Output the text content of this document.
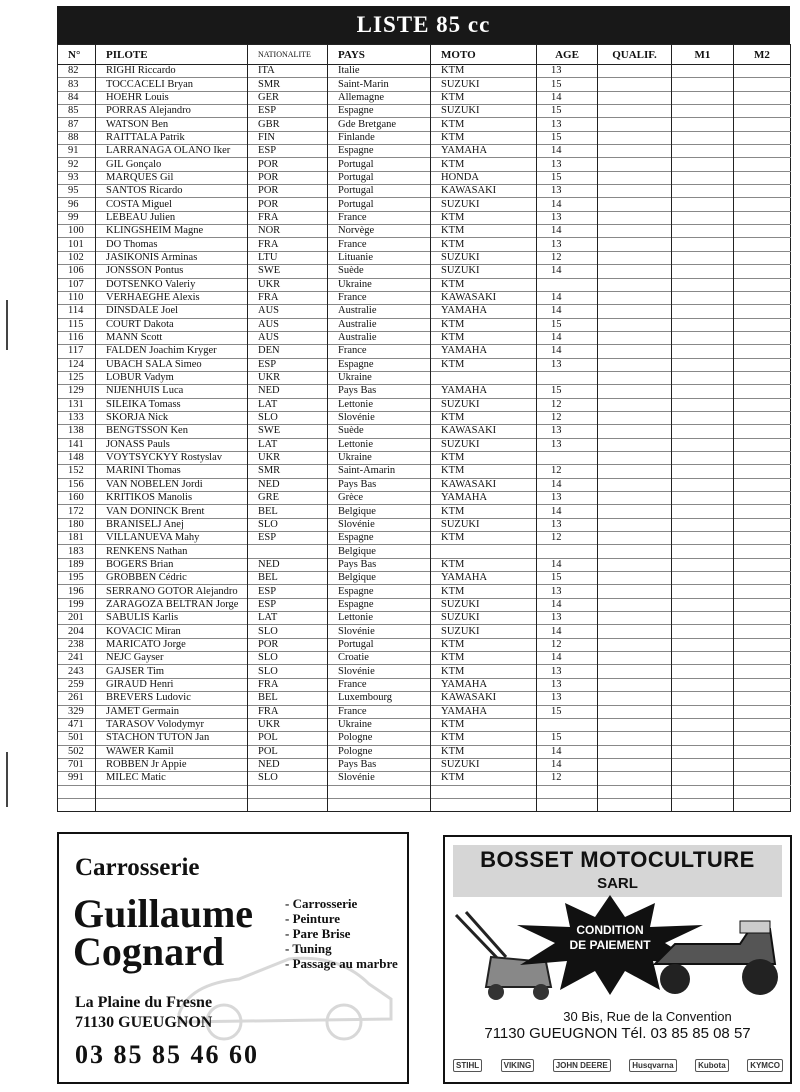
LISTE 85 cc
N°	PILOTE	NATIONALITE	PAYS	MOTO	AGE	QUALIF.	M1	M2
82	RIGHI Riccardo	ITA	Italie	KTM	13			
83	TOCCACELI Bryan	SMR	Saint-Marin	SUZUKI	15			
84	HOEHR Louis	GER	Allemagne	KTM	14			
85	PORRAS Alejandro	ESP	Espagne	SUZUKI	15			
87	WATSON Ben	GBR	Gde Bretgane	KTM	13			
88	RAITTALA Patrik	FIN	Finlande	KTM	15			
91	LARRANAGA OLANO Iker	ESP	Espagne	YAMAHA	14			
92	GIL Gonçalo	POR	Portugal	KTM	13			
93	MARQUES Gil	POR	Portugal	HONDA	15			
95	SANTOS Ricardo	POR	Portugal	KAWASAKI	13			
96	COSTA Miguel	POR	Portugal	SUZUKI	14			
99	LEBEAU Julien	FRA	France	KTM	13			
100	KLINGSHEIM Magne	NOR	Norvège	KTM	14			
101	DO Thomas	FRA	France	KTM	13			
102	JASIKONIS Arminas	LTU	Lituanie	SUZUKI	12			
106	JONSSON Pontus	SWE	Suède	SUZUKI	14			
107	DOTSENKO Valeriy	UKR	Ukraine	KTM				
110	VERHAEGHE Alexis	FRA	France	KAWASAKI	14			
114	DINSDALE Joel	AUS	Australie	YAMAHA	14			
115	COURT Dakota	AUS	Australie	KTM	15			
116	MANN Scott	AUS	Australie	KTM	14			
117	FALDEN Joachim Kryger	DEN	France	YAMAHA	14			
124	UBACH SALA Simeo	ESP	Espagne	KTM	13			
125	LOBUR Vadym	UKR	Ukraine					
129	NIJENHUIS Luca	NED	Pays Bas	YAMAHA	15			
131	SILEIKA Tomass	LAT	Lettonie	SUZUKI	12			
133	SKORJA Nick	SLO	Slovénie	KTM	12			
138	BENGTSSON Ken	SWE	Suède	KAWASAKI	13			
141	JONASS Pauls	LAT	Lettonie	SUZUKI	13			
148	VOYTSYCKYY Rostyslav	UKR	Ukraine	KTM				
152	MARINI Thomas	SMR	Saint-Amarin	KTM	12			
156	VAN NOBELEN Jordi	NED	Pays Bas	KAWASAKI	14			
160	KRITIKOS Manolis	GRE	Grèce	YAMAHA	13			
172	VAN DONINCK Brent	BEL	Belgique	KTM	14			
180	BRANISELJ Anej	SLO	Slovénie	SUZUKI	13			
181	VILLANUEVA Mahy	ESP	Espagne	KTM	12			
183	RENKENS Nathan		Belgique					
189	BOGERS Brian	NED	Pays Bas	KTM	14			
195	GROBBEN Cédric	BEL	Belgique	YAMAHA	15			
196	SERRANO GOTOR Alejandro	ESP	Espagne	KTM	13			
199	ZARAGOZA BELTRAN Jorge	ESP	Espagne	SUZUKI	14			
201	SABULIS Karlis	LAT	Lettonie	SUZUKI	13			
204	KOVACIC Miran	SLO	Slovénie	SUZUKI	14			
238	MARICATO Jorge	POR	Portugal	KTM	12			
241	NEJC Gayser	SLO	Croatie	KTM	14			
243	GAJSER Tim	SLO	Slovénie	KTM	13			
259	GIRAUD Henri	FRA	France	YAMAHA	13			
261	BREVERS Ludovic	BEL	Luxembourg	KAWASAKI	13			
329	JAMET Germain	FRA	France	YAMAHA	15			
471	TARASOV Volodymyr	UKR	Ukraine	KTM				
501	STACHON TUTON Jan	POL	Pologne	KTM	15			
502	WAWER Kamil	POL	Pologne	KTM	14			
701	ROBBEN Jr Appie	NED	Pays Bas	SUZUKI	14			
991	MILEC Matic	SLO	Slovénie	KTM	12			

Carrosserie
Guillaume
Cognard
- Carrosserie
- Peinture
- Pare Brise
- Tuning
- Passage au marbre
La Plaine du Fresne
71130 GUEUGNON
03 85 85 46 60
BOSSET MOTOCULTURE
SARL
CONDITION
DE PAIEMENT
30 Bis, Rue de la Convention
71130 GUEUGNON Tél. 03 85 85 08 57
STIHL	VIKING	JOHN DEERE	Husqvarna	Kubota	KYMCO
